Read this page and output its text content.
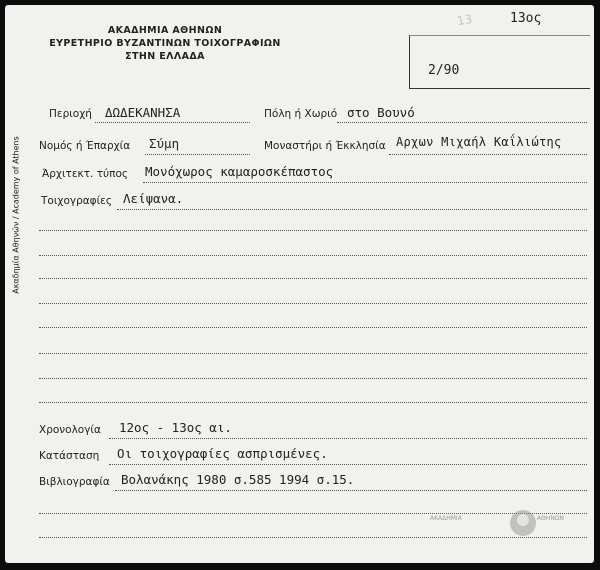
Ακαδημία Αθηνών / Academy of Athens
ΑΚΑΔΗΜΙΑ ΑΘΗΝΩΝ
ΕΥΡΕΤΗΡΙΟ ΒΥΖΑΝΤΙΝΩΝ ΤΟΙΧΟΓΡΑΦΙΩΝ
ΣΤΗΝ ΕΛΛΑΔΑ
13	13ος
2/90
Περιοχή ΔΩΔΕΚΑΝΗΣΑ	Πόλη ή Χωριό στο Βουνό
Νομός ή Έπαρχία Σύμη	Μοναστήρι ή Έκκλησία Αρχων Μιχαήλ Καΐλιώτης
Άρχιτεκτ. τύπος Μονόχωρος καμαροσκέπαστος
Τοιχογραφίες Λείψανα.
Χρονολογία 12ος - 13ος αι.
Κατάσταση Οι τοιχογραφίες ασπρισμένες.
Βιβλιογραφία Βολανάκης 1980 σ.585 1994 σ.15.
ΑΚΑΔΗΜΙΑ	ΑΘΗΝΩΝ
